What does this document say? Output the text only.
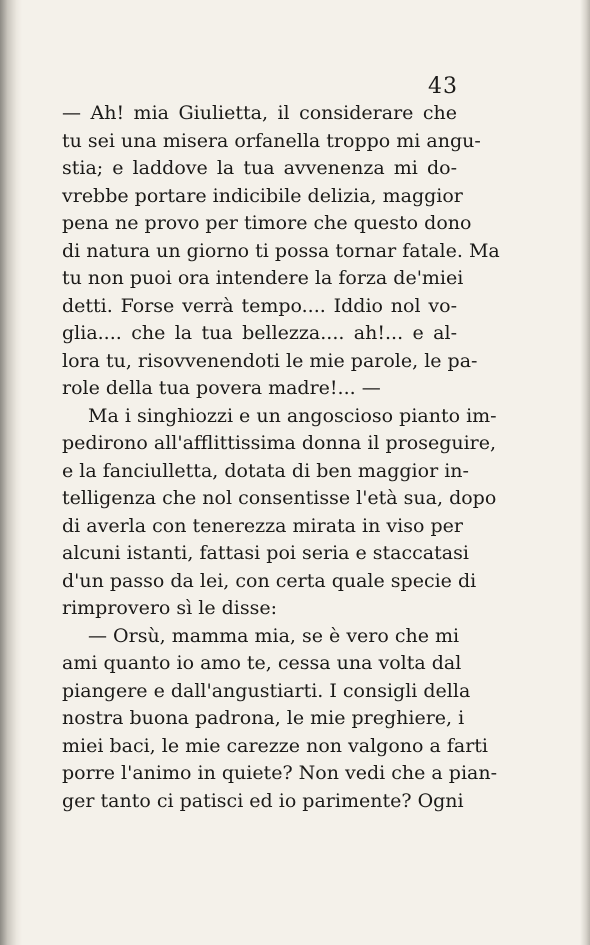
43
— Ah! mia Giulietta, il considerare che
tu sei una misera orfanella troppo mi angu-
stia; e laddove la tua avvenenza mi do-
vrebbe portare indicibile delizia, maggior
pena ne provo per timore che questo dono
di natura un giorno ti possa tornar fatale. Ma
tu non puoi ora intendere la forza de'miei
detti. Forse verrà tempo.... Iddio nol vo-
glia.... che la tua bellezza.... ah!... e al-
lora tu, risovvenendoti le mie parole, le pa-
role della tua povera madre!... —
Ma i singhiozzi e un angoscioso pianto im-
pedirono all'afflittissima donna il proseguire,
e la fanciulletta, dotata di ben maggior in-
telligenza che nol consentisse l'età sua, dopo
di averla con tenerezza mirata in viso per
alcuni istanti, fattasi poi seria e staccatasi
d'un passo da lei, con certa quale specie di
rimprovero sì le disse:
— Orsù, mamma mia, se è vero che mi
ami quanto io amo te, cessa una volta dal
piangere e dall'angustiarti. I consigli della
nostra buona padrona, le mie preghiere, i
miei baci, le mie carezze non valgono a farti
porre l'animo in quiete? Non vedi che a pian-
ger tanto ci patisci ed io parimente? Ogni
